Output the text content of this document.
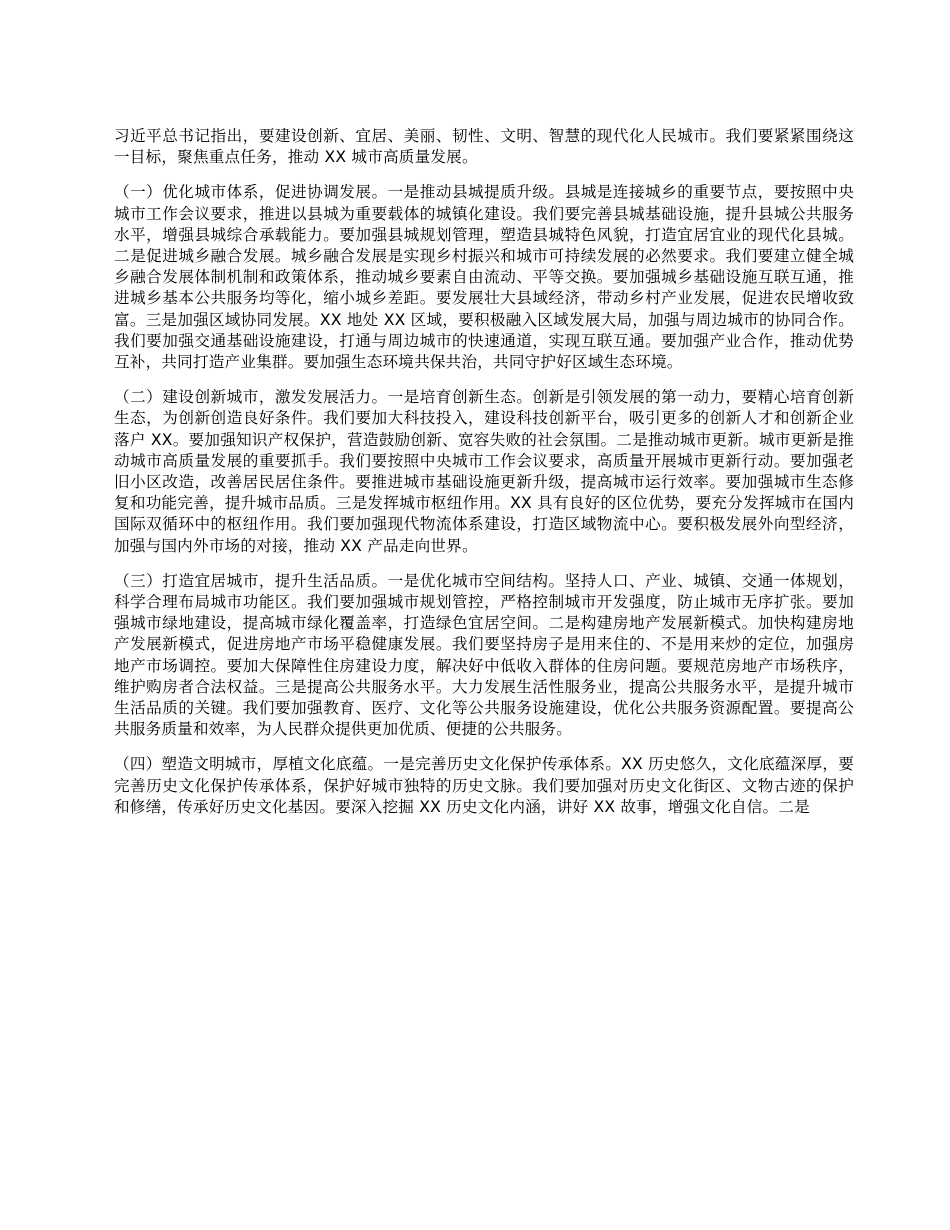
习近平总书记指出，要建设创新、宜居、美丽、韧性、文明、智慧的现代化人民城市。我们要紧紧围绕这一目标，聚焦重点任务，推动 XX 城市高质量发展。

（一）优化城市体系，促进协调发展。一是推动县城提质升级。县城是连接城乡的重要节点，要按照中央城市工作会议要求，推进以县城为重要载体的城镇化建设。我们要完善县城基础设施，提升县城公共服务水平，增强县城综合承载能力。要加强县城规划管理，塑造县城特色风貌，打造宜居宜业的现代化县城。二是促进城乡融合发展。城乡融合发展是实现乡村振兴和城市可持续发展的必然要求。我们要建立健全城乡融合发展体制机制和政策体系，推动城乡要素自由流动、平等交换。要加强城乡基础设施互联互通，推进城乡基本公共服务均等化，缩小城乡差距。要发展壮大县域经济，带动乡村产业发展，促进农民增收致富。三是加强区域协同发展。XX 地处 XX 区域，要积极融入区域发展大局，加强与周边城市的协同合作。我们要加强交通基础设施建设，打通与周边城市的快速通道，实现互联互通。要加强产业合作，推动优势互补，共同打造产业集群。要加强生态环境共保共治，共同守护好区域生态环境。

（二）建设创新城市，激发发展活力。一是培育创新生态。创新是引领发展的第一动力，要精心培育创新生态，为创新创造良好条件。我们要加大科技投入，建设科技创新平台，吸引更多的创新人才和创新企业落户 XX。要加强知识产权保护，营造鼓励创新、宽容失败的社会氛围。二是推动城市更新。城市更新是推动城市高质量发展的重要抓手。我们要按照中央城市工作会议要求，高质量开展城市更新行动。要加强老旧小区改造，改善居民居住条件。要推进城市基础设施更新升级，提高城市运行效率。要加强城市生态修复和功能完善，提升城市品质。三是发挥城市枢纽作用。XX 具有良好的区位优势，要充分发挥城市在国内国际双循环中的枢纽作用。我们要加强现代物流体系建设，打造区域物流中心。要积极发展外向型经济，加强与国内外市场的对接，推动 XX 产品走向世界。

（三）打造宜居城市，提升生活品质。一是优化城市空间结构。坚持人口、产业、城镇、交通一体规划，科学合理布局城市功能区。我们要加强城市规划管控，严格控制城市开发强度，防止城市无序扩张。要加强城市绿地建设，提高城市绿化覆盖率，打造绿色宜居空间。二是构建房地产发展新模式。加快构建房地产发展新模式，促进房地产市场平稳健康发展。我们要坚持房子是用来住的、不是用来炒的定位，加强房地产市场调控。要加大保障性住房建设力度，解决好中低收入群体的住房问题。要规范房地产市场秩序，维护购房者合法权益。三是提高公共服务水平。大力发展生活性服务业，提高公共服务水平，是提升城市生活品质的关键。我们要加强教育、医疗、文化等公共服务设施建设，优化公共服务资源配置。要提高公共服务质量和效率，为人民群众提供更加优质、便捷的公共服务。

（四）塑造文明城市，厚植文化底蕴。一是完善历史文化保护传承体系。XX 历史悠久，文化底蕴深厚，要完善历史文化保护传承体系，保护好城市独特的历史文脉。我们要加强对历史文化街区、文物古迹的保护和修缮，传承好历史文化基因。要深入挖掘 XX 历史文化内涵，讲好 XX 故事，增强文化自信。二是
